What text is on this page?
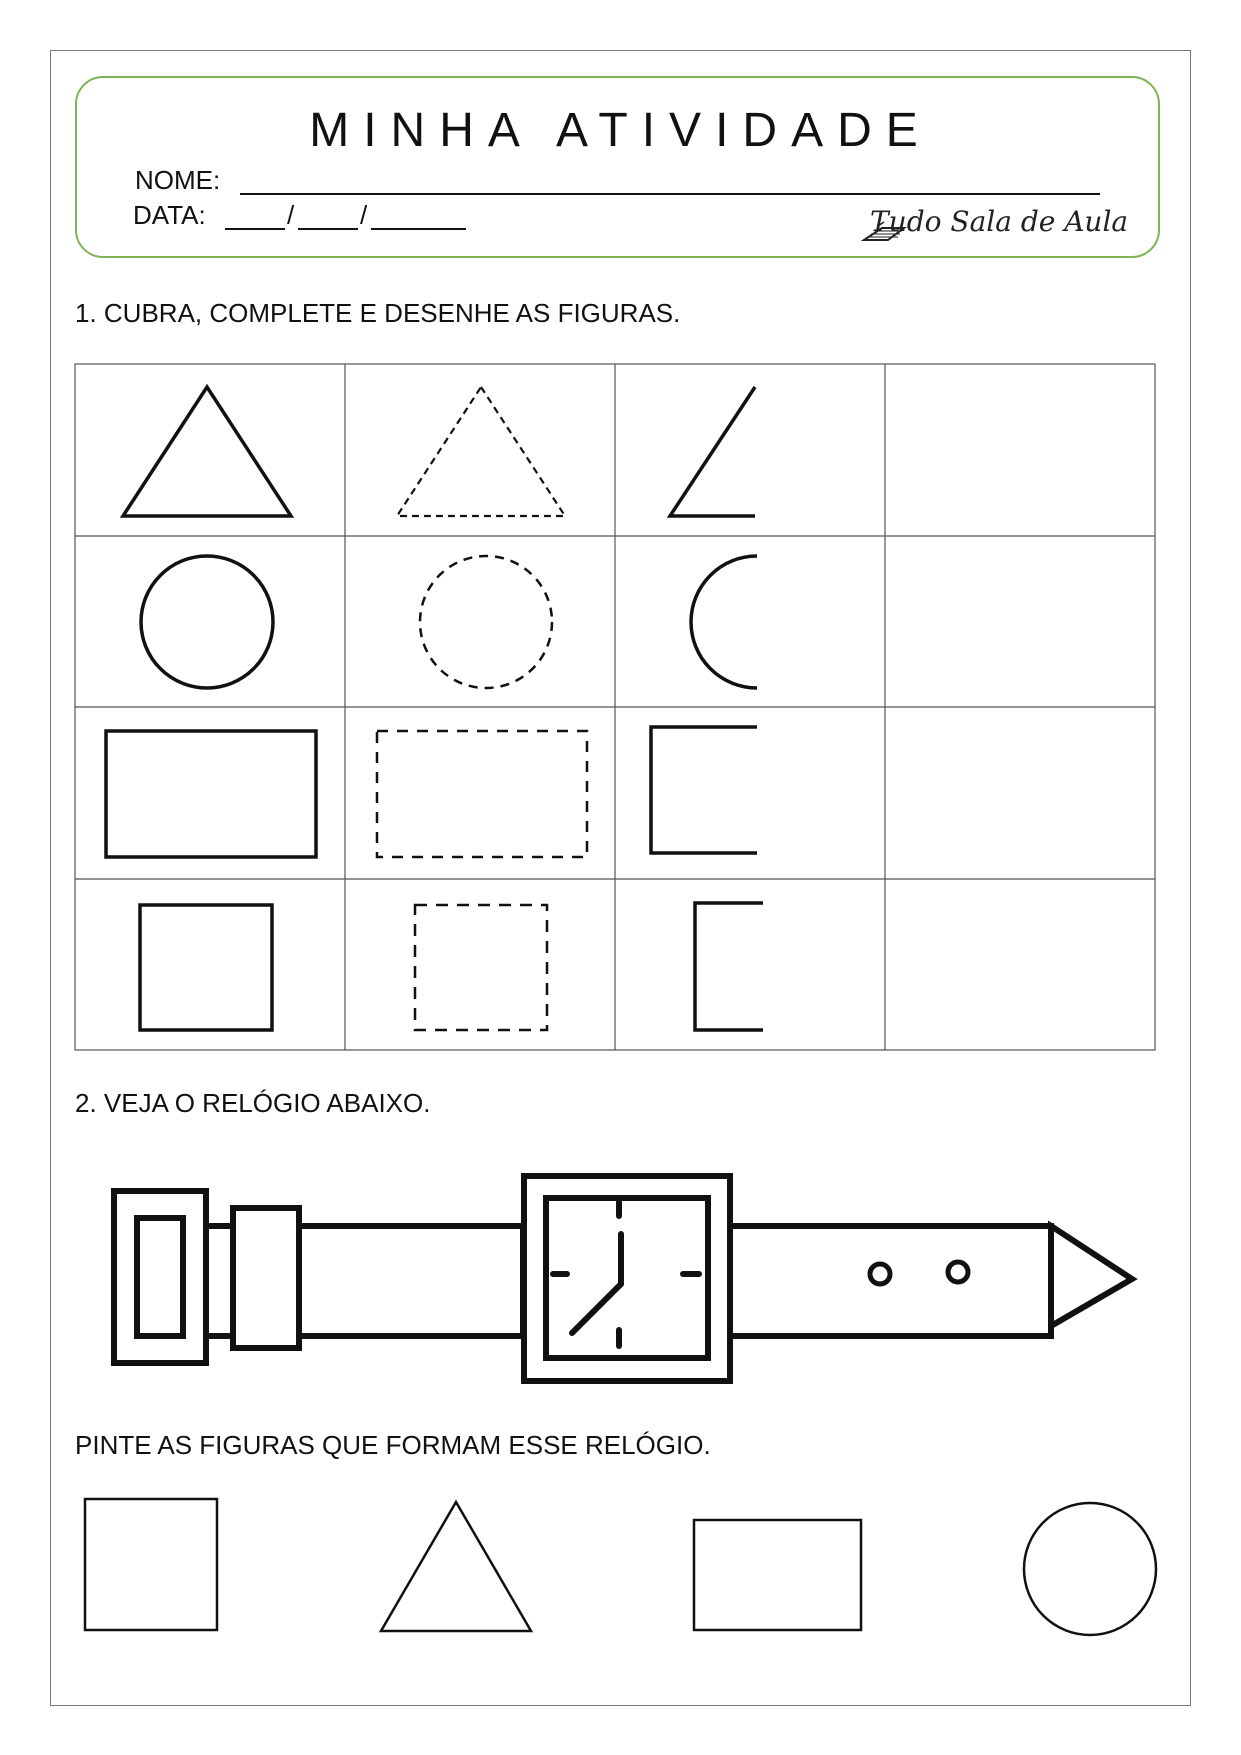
MINHA ATIVIDADE
NOME:
DATA:	/	/	Tudo Sala de Aula
1. CUBRA, COMPLETE E DESENHE AS FIGURAS.
2. VEJA O RELÓGIO ABAIXO.
PINTE AS FIGURAS QUE FORMAM ESSE RELÓGIO.
